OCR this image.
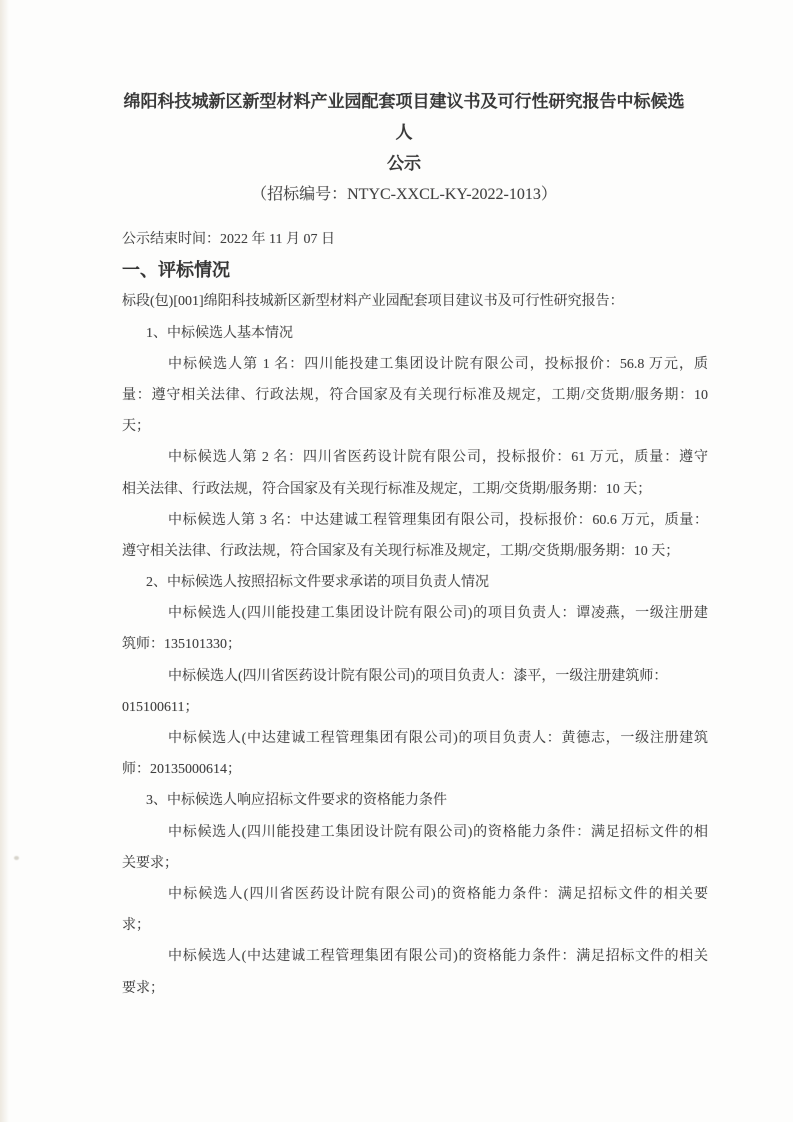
绵阳科技城新区新型材料产业园配套项目建议书及可行性研究报告中标候选人
公示

（招标编号：NTYC-XXCL-KY-2022-1013）

公示结束时间：2022 年 11 月 07 日
一、评标情况
标段(包)[001]绵阳科技城新区新型材料产业园配套项目建议书及可行性研究报告：
1、中标候选人基本情况
中标候选人第 1 名：四川能投建工集团设计院有限公司，投标报价：56.8 万元，质
量：遵守相关法律、行政法规，符合国家及有关现行标准及规定，工期/交货期/服务期：10
天；
中标候选人第 2 名：四川省医药设计院有限公司，投标报价：61 万元，质量：遵守
相关法律、行政法规，符合国家及有关现行标准及规定，工期/交货期/服务期：10 天；
中标候选人第 3 名：中达建诚工程管理集团有限公司，投标报价：60.6 万元，质量：
遵守相关法律、行政法规，符合国家及有关现行标准及规定，工期/交货期/服务期：10 天；
2、中标候选人按照招标文件要求承诺的项目负责人情况
中标候选人(四川能投建工集团设计院有限公司)的项目负责人：谭凌燕，一级注册建
筑师：135101330；
中标候选人(四川省医药设计院有限公司)的项目负责人：漆平，一级注册建筑师：
015100611；
中标候选人(中达建诚工程管理集团有限公司)的项目负责人：黄德志，一级注册建筑
师：20135000614；
3、中标候选人响应招标文件要求的资格能力条件
中标候选人(四川能投建工集团设计院有限公司)的资格能力条件：满足招标文件的相
关要求；
中标候选人(四川省医药设计院有限公司)的资格能力条件：满足招标文件的相关要
求；
中标候选人(中达建诚工程管理集团有限公司)的资格能力条件：满足招标文件的相关
要求；
